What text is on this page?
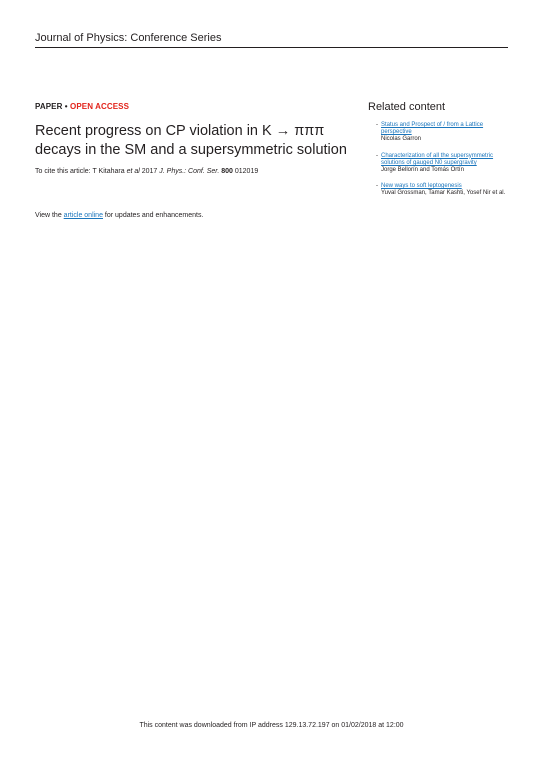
Journal of Physics: Conference Series
PAPER • OPEN ACCESS
Recent progress on CP violation in K → πππ decays in the SM and a supersymmetric solution
To cite this article: T Kitahara et al 2017 J. Phys.: Conf. Ser. 800 012019
View the article online for updates and enhancements.
Related content
- Status and Prospect of / from a Lattice perspective
Nicolas Garron
- Characterization of all the supersymmetric solutions of gauged N0 supergravity
Jorge Bellorín and Tomás Ortín
- New ways to soft leptogenesis
Yuval Grossman, Tamar Kashti, Yosef Nir et al.
This content was downloaded from IP address 129.13.72.197 on 01/02/2018 at 12:00
